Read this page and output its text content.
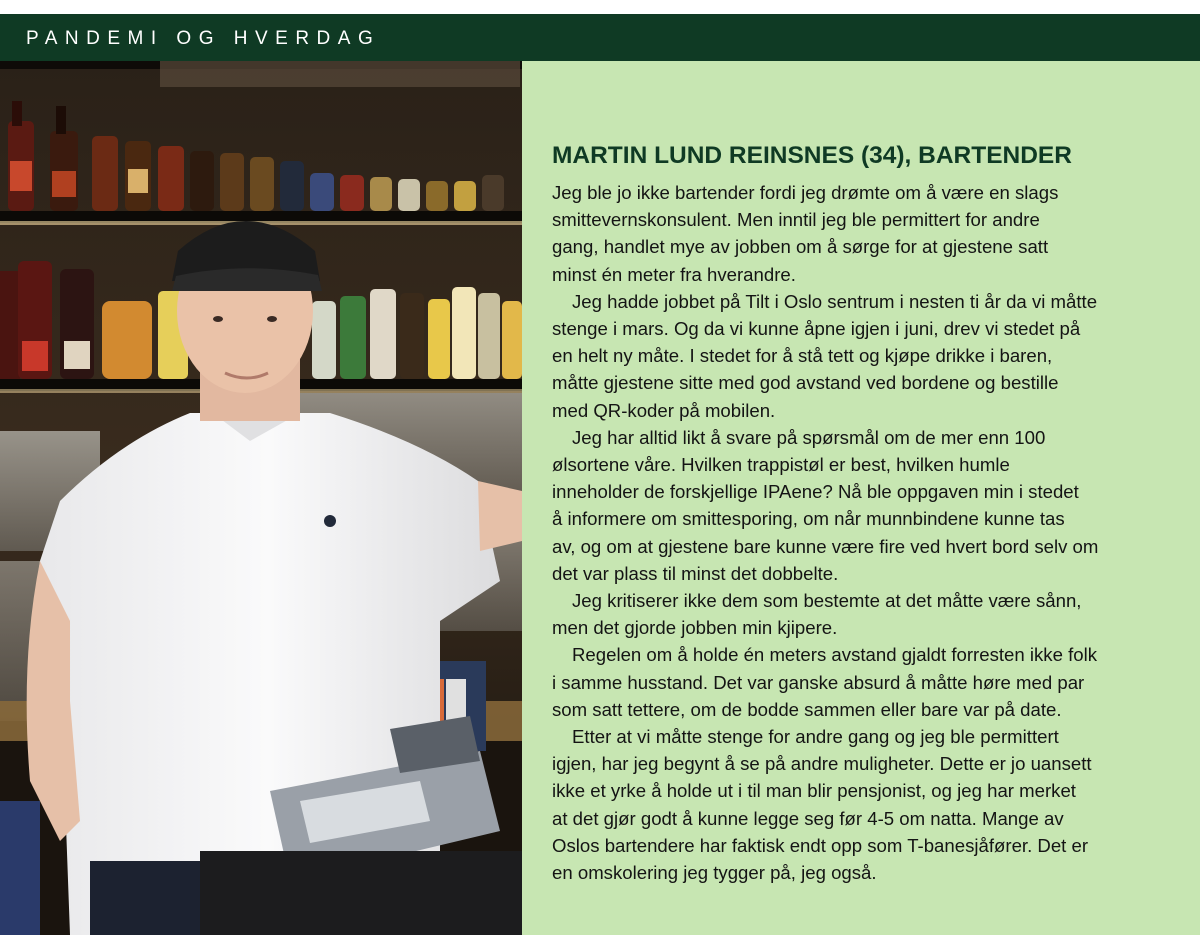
PANDEMI OG HVERDAG
MARTIN LUND REINSNES (34), BARTENDER

Jeg ble jo ikke bartender fordi jeg drømte om å være en slags
smittevernskonsulent. Men inntil jeg ble permittert for andre
gang, handlet mye av jobben om å sørge for at gjestene satt
minst én meter fra hverandre.

Jeg hadde jobbet på Tilt i Oslo sentrum i nesten ti år da vi måtte
stenge i mars. Og da vi kunne åpne igjen i juni, drev vi stedet på
en helt ny måte. I stedet for å stå tett og kjøpe drikke i baren,
måtte gjestene sitte med god avstand ved bordene og bestille
med QR-koder på mobilen.

Jeg har alltid likt å svare på spørsmål om de mer enn 100
ølsortene våre. Hvilken trappistøl er best, hvilken humle
inneholder de forskjellige IPAene? Nå ble oppgaven min i stedet
å informere om smittesporing, om når munnbindene kunne tas
av, og om at gjestene bare kunne være fire ved hvert bord selv om
det var plass til minst det dobbelte.

Jeg kritiserer ikke dem som bestemte at det måtte være sånn,
men det gjorde jobben min kjipere.

Regelen om å holde én meters avstand gjaldt forresten ikke folk
i samme husstand. Det var ganske absurd å måtte høre med par
som satt tettere, om de bodde sammen eller bare var på date.

Etter at vi måtte stenge for andre gang og jeg ble permittert
igjen, har jeg begynt å se på andre muligheter. Dette er jo uansett
ikke et yrke å holde ut i til man blir pensjonist, og jeg har merket
at det gjør godt å kunne legge seg før 4-5 om natta. Mange av
Oslos bartendere har faktisk endt opp som T-banesjåfører. Det er
en omskolering jeg tygger på, jeg også.
